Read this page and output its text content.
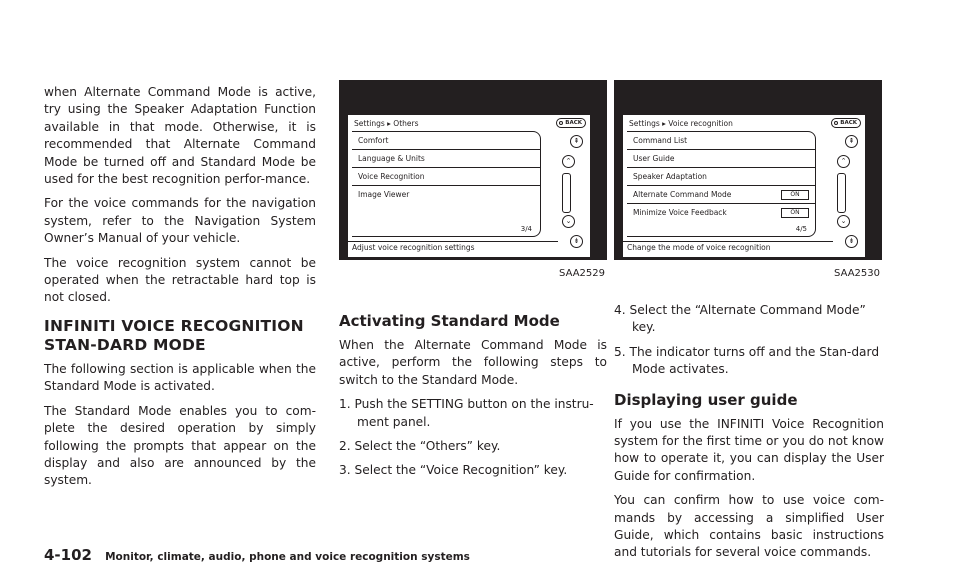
when Alternate Command Mode is active, try using the Speaker Adaptation Function available in that mode. Otherwise, it is recommended that Alternate Command Mode be turned off and Standard Mode be used for the best recognition perfor-mance.

For the voice commands for the navigation system, refer to the Navigation System Owner’s Manual of your vehicle.

The voice recognition system cannot be operated when the retractable hard top is not closed.

INFINITI VOICE RECOGNITION STAN-DARD MODE

The following section is applicable when the Standard Mode is activated.

The Standard Mode enables you to com-plete the desired operation by simply following the prompts that appear on the display and also are announced by the system.

Settings ▸ Others	BACK
Comfort
Language & Units
Voice Recognition
Image Viewer
3/4
Adjust voice recognition settings
⇞
⌃
⌄
⇟
SAA2529
Settings ▸ Voice recognition	BACK
Command List
User Guide
Speaker Adaptation
Alternate Command Mode	ON
Minimize Voice Feedback	ON
4/5
Change the mode of voice recognition
⇞
⌃
⌄
⇟
SAA2530
Activating Standard Mode

When the Alternate Command Mode is active, perform the following steps to switch to the Standard Mode.

1. Push the SETTING button on the instru-ment panel.
2. Select the “Others” key.
3. Select the “Voice Recognition” key.
4. Select the “Alternate Command Mode” key.
5. The indicator turns off and the Stan-dard Mode activates.
Displaying user guide

If you use the INFINITI Voice Recognition system for the first time or you do not know how to operate it, you can display the User Guide for confirmation.

You can confirm how to use voice com-mands by accessing a simplified User Guide, which contains basic instructions and tutorials for several voice commands.

4-102 Monitor, climate, audio, phone and voice recognition systems
